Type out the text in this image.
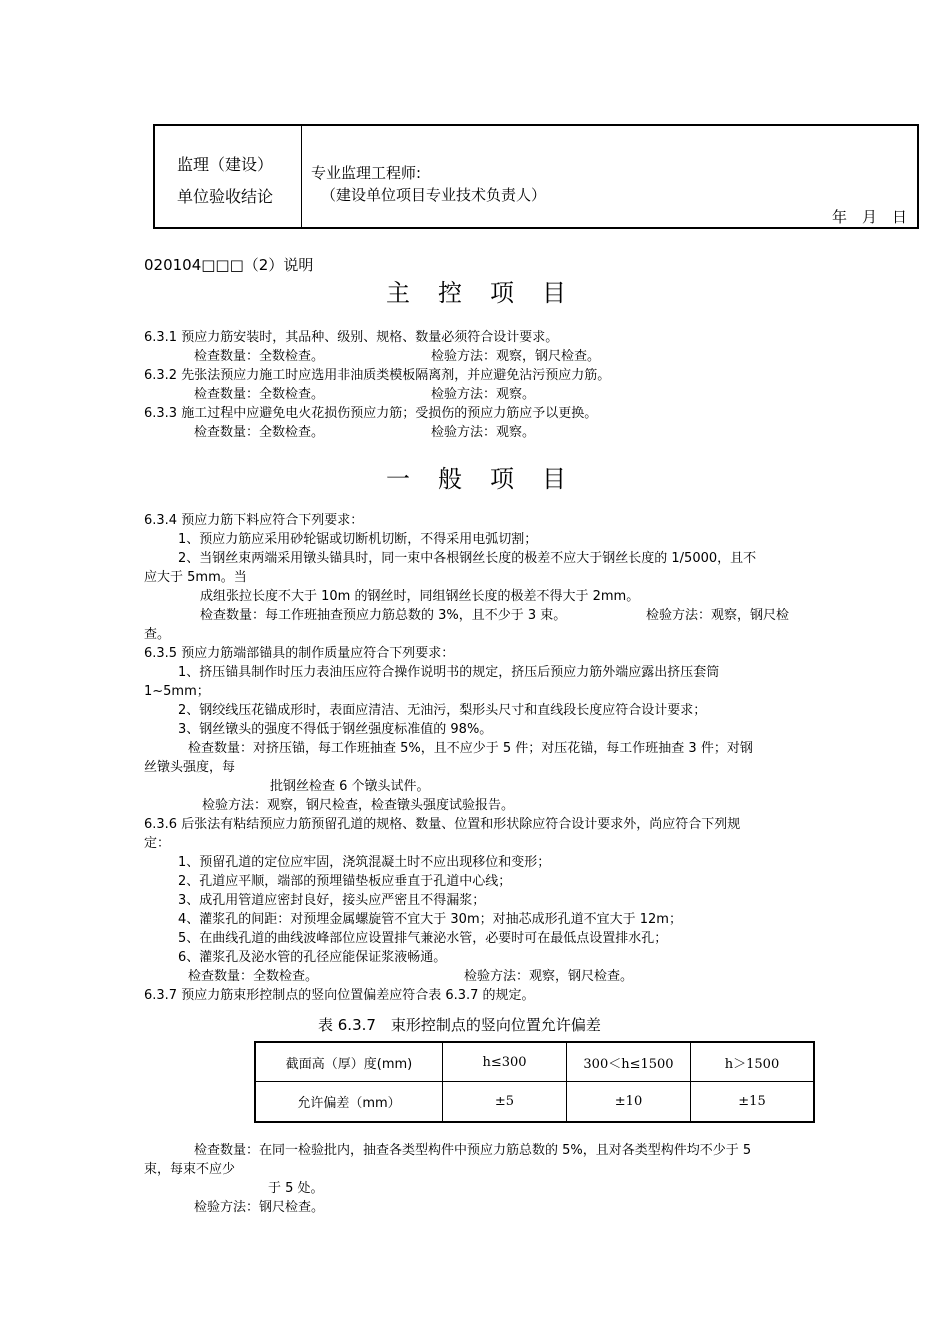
监理（建设）
单位验收结论
专业监理工程师:
（建设单位项目专业技术负责人）
年　月　日
020104□□□（2）说明
主　控　项　目
6.3.1 预应力筋安装时，其品种、级别、规格、数量必须符合设计要求。
检查数量：全数检查。	检验方法：观察，钢尺检查。
6.3.2 先张法预应力施工时应选用非油质类模板隔离剂，并应避免沾污预应力筋。
检查数量：全数检查。	检验方法：观察。
6.3.3 施工过程中应避免电火花损伤预应力筋；受损伤的预应力筋应予以更换。
检查数量：全数检查。	检验方法：观察。
一　般　项　目
6.3.4 预应力筋下料应符合下列要求：
1、预应力筋应采用砂轮锯或切断机切断，不得采用电弧切割；
2、当钢丝束两端采用镦头锚具时，同一束中各根钢丝长度的极差不应大于钢丝长度的 1/5000，且不
应大于 5mm。当
成组张拉长度不大于 10m 的钢丝时，同组钢丝长度的极差不得大于 2mm。
检查数量：每工作班抽查预应力筋总数的 3%，且不少于 3 束。	检验方法：观察，钢尺检
查。
6.3.5 预应力筋端部锚具的制作质量应符合下列要求：
1、挤压锚具制作时压力表油压应符合操作说明书的规定，挤压后预应力筋外端应露出挤压套筒
1~5mm；
2、钢绞线压花锚成形时，表面应清洁、无油污，梨形头尺寸和直线段长度应符合设计要求；
3、钢丝镦头的强度不得低于钢丝强度标准值的 98%。
检查数量：对挤压锚，每工作班抽查 5%，且不应少于 5 件；对压花锚，每工作班抽查 3 件；对钢
丝镦头强度，每
批钢丝检查 6 个镦头试件。
检验方法：观察，钢尺检查，检查镦头强度试验报告。
6.3.6 后张法有粘结预应力筋预留孔道的规格、数量、位置和形状除应符合设计要求外，尚应符合下列规
定：
1、预留孔道的定位应牢固，浇筑混凝土时不应出现移位和变形；
2、孔道应平顺，端部的预埋锚垫板应垂直于孔道中心线；
3、成孔用管道应密封良好，接头应严密且不得漏浆；
4、灌浆孔的间距：对预埋金属螺旋管不宜大于 30m；对抽芯成形孔道不宜大于 12m；
5、在曲线孔道的曲线波峰部位应设置排气兼泌水管，必要时可在最低点设置排水孔；
6、灌浆孔及泌水管的孔径应能保证浆液畅通。
检查数量：全数检查。	检验方法：观察，钢尺检查。
6.3.7 预应力筋束形控制点的竖向位置偏差应符合表 6.3.7 的规定。
表 6.3.7　束形控制点的竖向位置允许偏差
截面高（厚）度(mm)	h≤300	300＜h≤1500	h＞1500
允许偏差（mm）	±5	±10	±15
检查数量：在同一检验批内，抽查各类型构件中预应力筋总数的 5%，且对各类型构件均不少于 5
束，每束不应少
于 5 处。
检验方法：钢尺检查。
